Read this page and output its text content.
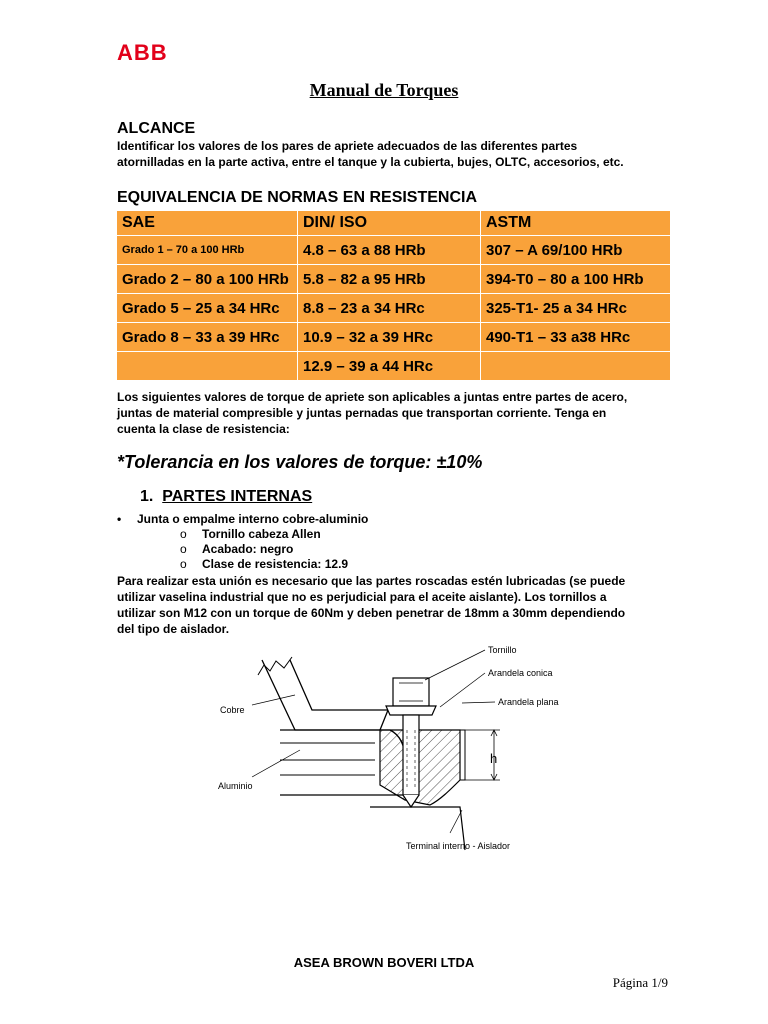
ABB
Manual de Torques
ALCANCE
Identificar los valores de los pares de apriete adecuados de las diferentes partes
atornilladas en la parte activa, entre el tanque y la cubierta, bujes, OLTC, accesorios, etc.
EQUIVALENCIA DE NORMAS EN RESISTENCIA
SAE	DIN/ ISO	ASTM
Grado 1 – 70 a 100 HRb	4.8 – 63 a 88 HRb	307 – A 69/100 HRb
Grado 2 – 80 a 100 HRb	5.8 – 82 a 95 HRb	394-T0 – 80 a 100 HRb
Grado 5 – 25 a 34 HRc	8.8 – 23 a 34 HRc	325-T1- 25 a 34 HRc
Grado 8 – 33 a 39 HRc	10.9 – 32 a 39 HRc	490-T1 – 33 a38 HRc
	12.9 – 39 a 44 HRc	
Los siguientes valores de torque de apriete son aplicables a juntas entre partes de acero,
juntas de material compresible y juntas pernadas que transportan corriente. Tenga en
cuenta la clase de resistencia:
*Tolerancia en los valores de torque: ±10%
1. PARTES INTERNAS
• Junta o empalme interno cobre-aluminio
o Tornillo cabeza Allen
o Acabado: negro
o Clase de resistencia: 12.9
Para realizar esta unión es necesario que las partes roscadas estén lubricadas (se puede
utilizar vaselina industrial que no es perjudicial para el aceite aislante). Los tornillos a
utilizar son M12 con un torque de 60Nm y deben penetrar de 18mm a 30mm dependiendo
del tipo de aislador.
h
Tornillo
Arandela conica
Arandela plana
Cobre
Aluminio
Terminal interno - Aislador
ASEA BROWN BOVERI LTDA
Página 1/9
